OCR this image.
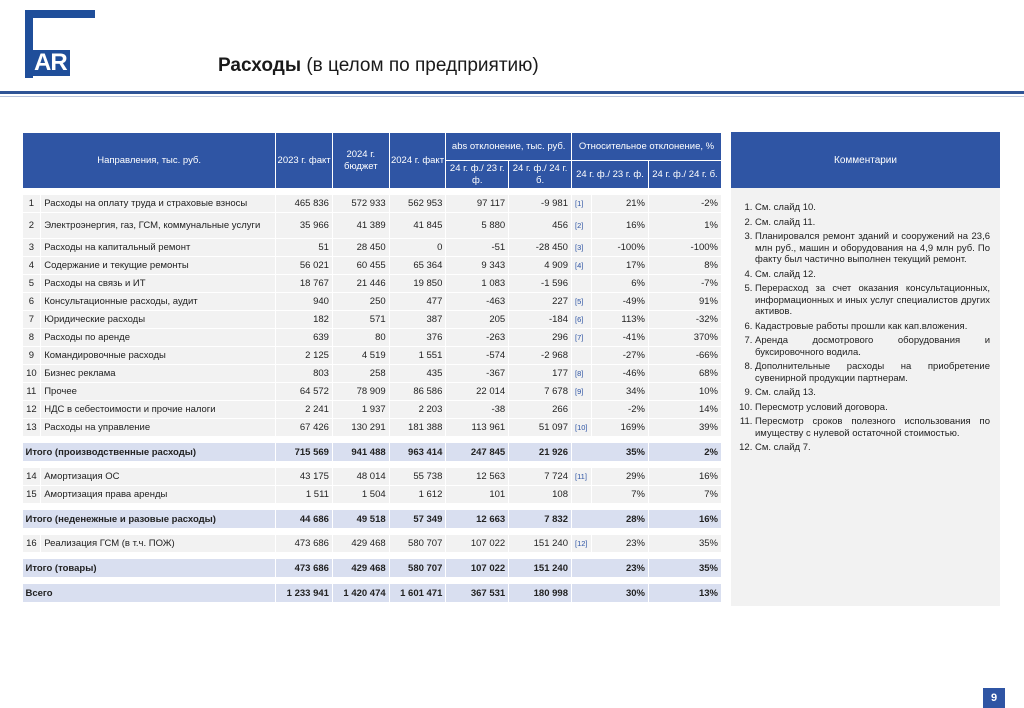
AR	Расходы (в целом по предприятию)
Направления, тыс. руб.		2023 г. факт	2024 г. бюджет	2024 г. факт	abs отклонение, тыс. руб.		Относительное отклонение, %		
					24 г. ф./ 23 г. ф.	24 г. ф./ 24 г. б.	24 г. ф./ 23 г. ф.		24 г. ф./ 24 г. б.

1	Расходы на оплату труда и страховые взносы	465 836	572 933	562 953	97 117	-9 981	[1]	21%	-2%
2	Электроэнергия, газ, ГСМ, коммунальные услуги	35 966	41 389	41 845	5 880	456	[2]	16%	1%
3	Расходы на капитальный ремонт	51	28 450	0	-51	-28 450	[3]	-100%	-100%
4	Содержание и текущие ремонты	56 021	60 455	65 364	9 343	4 909	[4]	17%	8%
5	Расходы на связь и ИТ	18 767	21 446	19 850	1 083	-1 596		6%	-7%
6	Консультационные расходы, аудит	940	250	477	-463	227	[5]	-49%	91%
7	Юридические расходы	182	571	387	205	-184	[6]	113%	-32%
8	Расходы по аренде	639	80	376	-263	296	[7]	-41%	370%
9	Командировочные расходы	2 125	4 519	1 551	-574	-2 968		-27%	-66%
10	Бизнес реклама	803	258	435	-367	177	[8]	-46%	68%
11	Прочее	64 572	78 909	86 586	22 014	7 678	[9]	34%	10%
12	НДС в себестоимости и прочие налоги	2 241	1 937	2 203	-38	266		-2%	14%
13	Расходы на управление	67 426	130 291	181 388	113 961	51 097	[10]	169%	39%

Итого (производственные расходы)		715 569	941 488	963 414	247 845	21 926	35%		2%

14	Амортизация ОС	43 175	48 014	55 738	12 563	7 724	[11]	29%	16%
15	Амортизация права аренды	1 511	1 504	1 612	101	108		7%	7%

Итого (неденежные и разовые расходы)		44 686	49 518	57 349	12 663	7 832	28%		16%

16	Реализация ГСМ (в т.ч. ПОЖ)	473 686	429 468	580 707	107 022	151 240	[12]	23%	35%

Итого (товары)		473 686	429 468	580 707	107 022	151 240	23%		35%

Всего		1 233 941	1 420 474	1 601 471	367 531	180 998	30%		13%
Комментарии
1. См. слайд 10.
2. См. слайд 11.
3. Планировался ремонт зданий и сооружений на 23,6 млн руб., машин и оборудования на 4,9 млн руб. По факту был частично выполнен текущий ремонт.
4. См. слайд 12.
5. Перерасход за счет оказания консультационных, информационных и иных услуг специалистов других активов.
6. Кадастровые работы прошли как кап.вложения.
7. Аренда досмотрового оборудования и буксировочного водила.
8. Дополнительные расходы на приобретение сувенирной продукции партнерам.
9. См. слайд 13.
10. Пересмотр условий договора.
11. Пересмотр сроков полезного использования по имуществу с нулевой остаточной стоимостью.
12. См. слайд 7.
9
